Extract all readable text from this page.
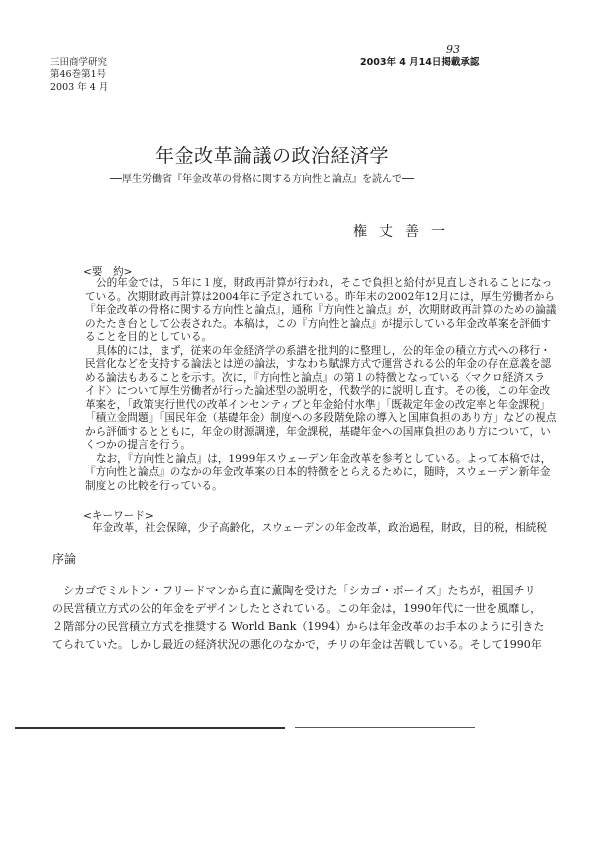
93
三田商学研究
第46巻第1号
2003 年 4 月
2003年 4 月14日掲載承認
年金改革論議の政治経済学
──厚生労働省『年金改革の骨格に関する方向性と論点』を読んで──
権丈善一
<要　約>
公的年金では，５年に１度，財政再計算が行われ，そこで負担と給付が見直しされることになっ
ている。次期財政再計算は2004年に予定されている。昨年末の2002年12月には，厚生労働者から
『年金改革の骨格に関する方向性と論点』，通称『方向性と論点』が，次期財政再計算のための論議
のたたき台として公表された。本稿は，この『方向性と論点』が提示している年金改革案を評価す
ることを目的としている。
具体的には，まず，従来の年金経済学の系譜を批判的に整理し，公的年金の積立方式への移行・
民営化などを支持する論法とは逆の論法，すなわち賦課方式で運営される公的年金の存在意義を認
める論法もあることを示す。次に，『方向性と論点』の第１の特徴となっている〈マクロ経済スラ
イド〉について厚生労働者が行った論述型の説明を，代数学的に説明し直す。その後，この年金改
革案を，「政策実行世代の改革インセンティブと年金給付水準」「既裁定年金の改定率と年金課税」
「積立金問題」「国民年金（基礎年金）制度への多段階免除の導入と国庫負担のあり方」などの視点
から評価するとともに，年金の財源調達，年金課税，基礎年金への国庫負担のあり方について，い
くつかの提言を行う。
なお，『方向性と論点』は，1999年スウェーデン年金改革を参考としている。よって本稿では，
『方向性と論点』のなかの年金改革案の日本的特徴をとらえるために，随時，スウェーデン新年金
制度との比較を行っている。
<キーワード>
年金改革，社会保障，少子高齢化，スウェーデンの年金改革，政治過程，財政，目的税，相続税
序論
シカゴでミルトン・フリードマンから直に薫陶を受けた「シカゴ・ボーイズ」たちが，祖国チリ
の民営積立方式の公的年金をデザインしたとされている。この年金は，1990年代に一世を風靡し，
２階部分の民営積立方式を推奨する World Bank（1994）からは年金改革のお手本のように引きた
てられていた。しかし最近の経済状況の悪化のなかで，チリの年金は苦戦している。そして1990年
